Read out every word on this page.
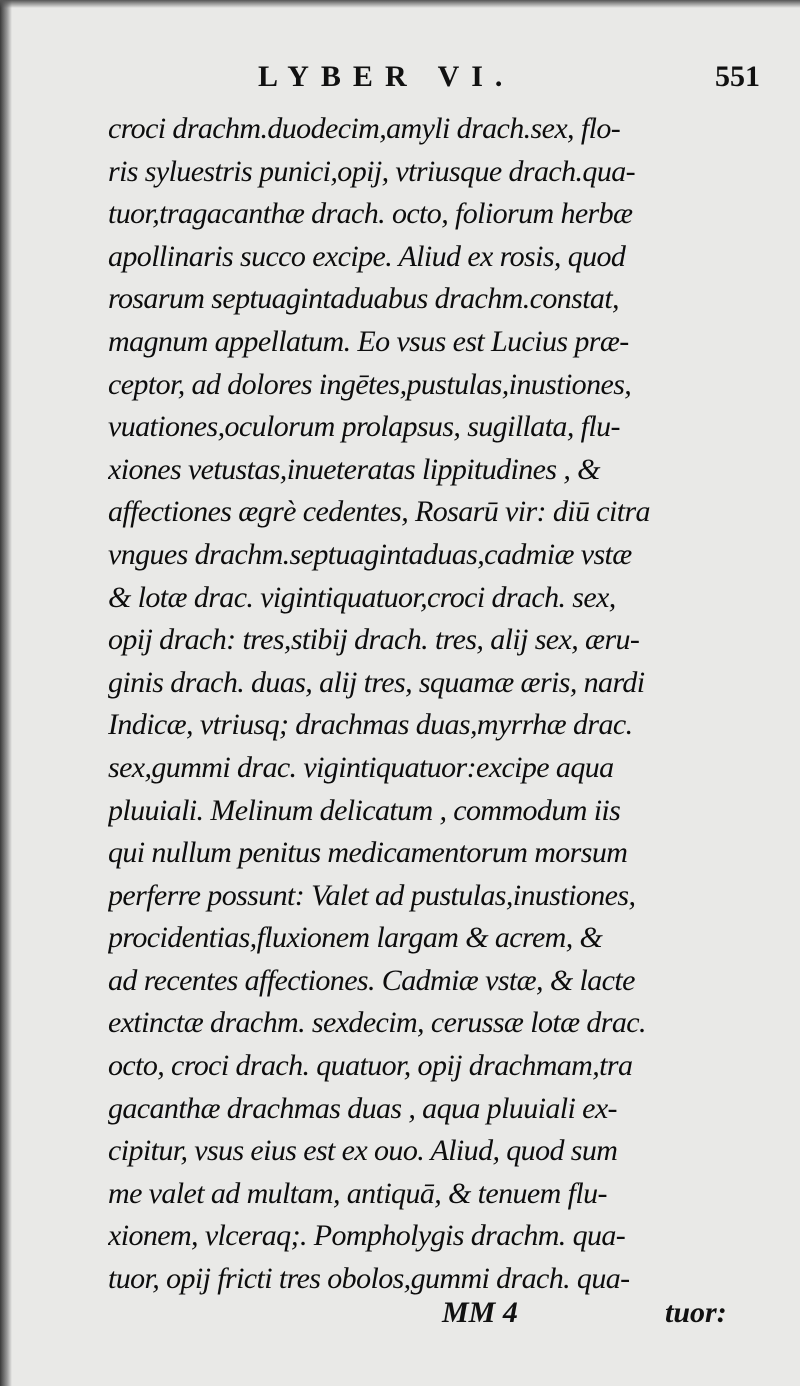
LYBER VI.	551
croci drachm.duodecim,amyli drach.sex, flo-
ris syluestris punici,opij, vtriusque drach.qua-
tuor,tragacanthæ drach. octo, foliorum herbæ
apollinaris succo excipe. Aliud ex rosis, quod
rosarum septuagintaduabus drachm.constat,
magnum appellatum. Eo vsus est Lucius præ-
ceptor, ad dolores ingētes,pustulas,inustiones,
vuationes,oculorum prolapsus, sugillata, flu-
xiones vetustas,inueteratas lippitudines , &
affectiones ægrè cedentes, Rosarū vir: diū citra
vngues drachm.septuagintaduas,cadmiæ vstæ
& lotæ drac. vigintiquatuor,croci drach. sex,
opij drach: tres,stibij drach. tres, alij sex, æru-
ginis drach. duas, alij tres, squamæ æris, nardi
Indicæ, vtriusq; drachmas duas,myrrhæ drac.
sex,gummi drac. vigintiquatuor:excipe aqua
pluuiali. Melinum delicatum , commodum iis
qui nullum penitus medicamentorum morsum
perferre possunt: Valet ad pustulas,inustiones,
procidentias,fluxionem largam & acrem, &
ad recentes affectiones. Cadmiæ vstæ, & lacte
extinctæ drachm. sexdecim, cerussæ lotæ drac.
octo, croci drach. quatuor, opij drachmam,tra
gacanthæ drachmas duas , aqua pluuiali ex-
cipitur, vsus eius est ex ouo. Aliud, quod sum
me valet ad multam, antiquā, & tenuem flu-
xionem, vlceraq;. Pompholygis drachm. qua-
tuor, opij fricti tres obolos,gummi drach. qua-
MM 4	tuor:
